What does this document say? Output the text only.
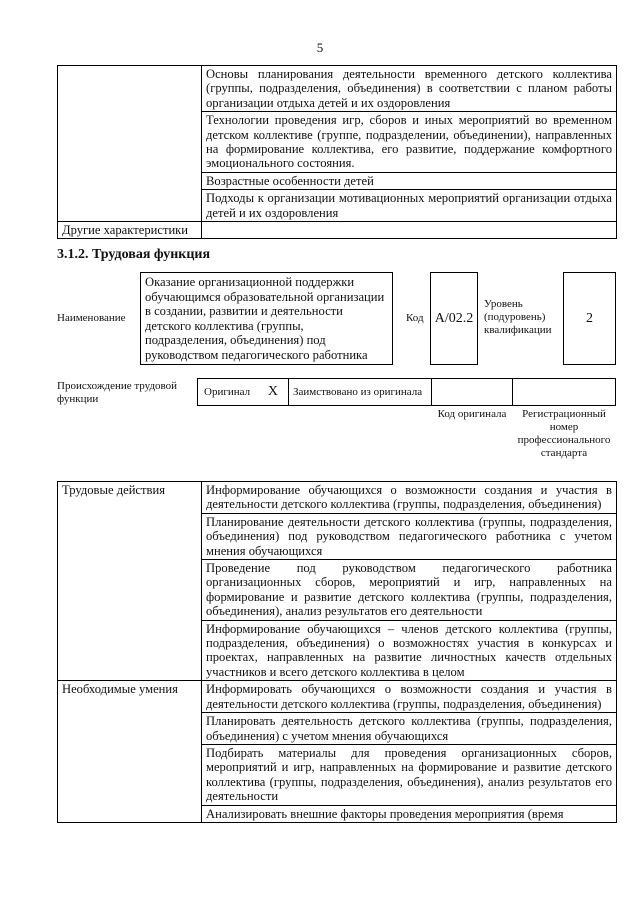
5
	Основы планирования деятельности временного детского коллектива (группы, подразделения, объединения) в соответствии с планом работы организации отдыха детей и их оздоровления
	Технологии проведения игр, сборов и иных мероприятий во временном детском коллективе (группе, подразделении, объединении), направленных на формирование коллектива, его развитие, поддержание комфортного эмоционального состояния.
	Возрастные особенности детей
	Подходы к организации мотивационных мероприятий организации отдыха детей и их оздоровления
Другие характеристики	
3.1.2. Трудовая функция
Наименование
Оказание организационной поддержки обучающимся образовательной организации в создании, развитии и деятельности детского коллектива (группы, подразделения, объединения) под руководством педагогического работника
Код A/02.2
Уровень (подуровень) квалификации
2
Происхождение трудовой функции
Оригинал X Заимствовано из оригинала
Код оригинала	Регистрационный номер профессионального стандарта
Трудовые действия	Информирование обучающихся о возможности создания и участия в деятельности детского коллектива (группы, подразделения, объединения)
	Планирование деятельности детского коллектива (группы, подразделения, объединения) под руководством педагогического работника с учетом мнения обучающихся
	Проведение под руководством педагогического работника организационных сборов, мероприятий и игр, направленных на формирование и развитие детского коллектива (группы, подразделения, объединения), анализ результатов его деятельности
	Информирование обучающихся – членов детского коллектива (группы, подразделения, объединения) о возможностях участия в конкурсах и проектах, направленных на развитие личностных качеств отдельных участников и всего детского коллектива в целом
Необходимые умения	Информировать обучающихся о возможности создания и участия в деятельности детского коллектива (группы, подразделения, объединения)
	Планировать деятельность детского коллектива (группы, подразделения, объединения) с учетом мнения обучающихся
	Подбирать материалы для проведения организационных сборов, мероприятий и игр, направленных на формирование и развитие детского коллектива (группы, подразделения, объединения), анализ результатов его деятельности
	Анализировать внешние факторы проведения мероприятия (время
